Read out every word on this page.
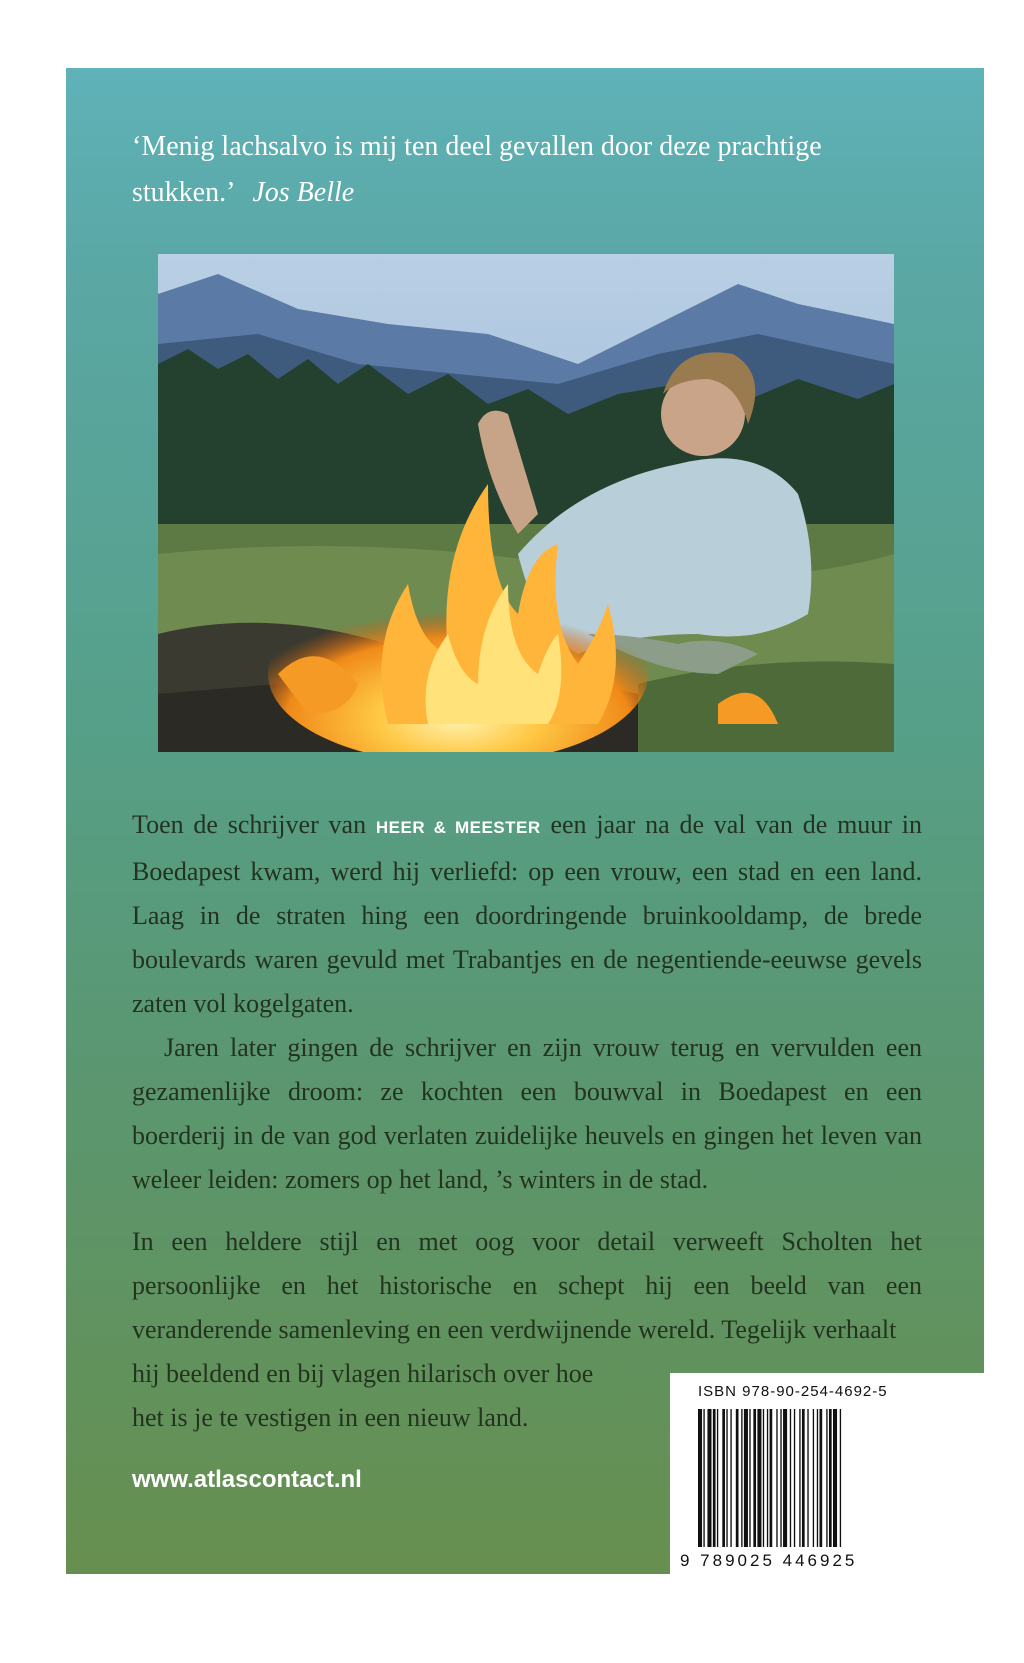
‘Menig lachsalvo is mij ten deel gevallen door deze prachtige stukken.’ Jos Belle

Toen de schrijver van HEER & MEESTER een jaar na de val van de muur in Boedapest kwam, werd hij verliefd: op een vrouw, een stad en een land. Laag in de straten hing een doordringende bruinkooldamp, de brede boulevards waren gevuld met Trabantjes en de negentiende-eeuwse gevels zaten vol kogelgaten.

Jaren later gingen de schrijver en zijn vrouw terug en vervulden een gezamenlijke droom: ze kochten een bouwval in Boedapest en een boerderij in de van god verlaten zuidelijke heuvels en gingen het leven van weleer leiden: zomers op het land, ’s winters in de stad.

In een heldere stijl en met oog voor detail verweeft Scholten het persoonlijke en het historische en schept hij een beeld van een veranderende samenleving en een verdwijnende wereld. Tegelijk verhaalt

hij beeldend en bij vlagen hilarisch over hoe

het is je te vestigen in een nieuw land.

www.atlascontact.nl
ISBN 978-90-254-4692-5
9 789025 446925
